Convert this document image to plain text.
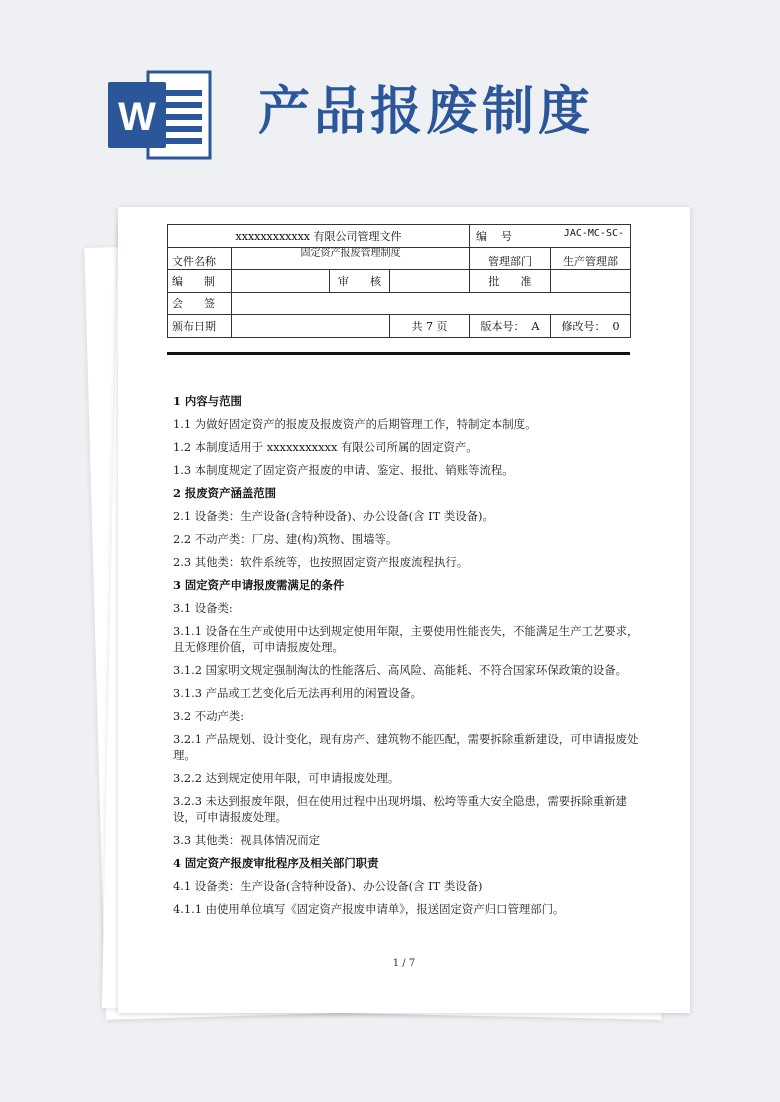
W 产品报废制度
xxxxxxxxxxxx 有限公司管理文件				编    号 JAC-MC-SC-	

文件名称	固定资产报废管理制度			管理部门	生产管理部
编      制		审      核		批      准	
会      签					
颁布日期			共 7 页	版本号：  A	修改号：  0

1 内容与范围

1.1 为做好固定资产的报废及报废资产的后期管理工作，特制定本制度。

1.2 本制度适用于 xxxxxxxxxxx 有限公司所属的固定资产。

1.3 本制度规定了固定资产报废的申请、鉴定、报批、销账等流程。

2 报废资产涵盖范围

2.1 设备类：生产设备(含特种设备)、办公设备(含 IT 类设备)。

2.2 不动产类：厂房、建(构)筑物、围墙等。

2.3 其他类：软件系统等，也按照固定资产报废流程执行。

3 固定资产申请报废需满足的条件

3.1 设备类:

3.1.1 设备在生产或使用中达到规定使用年限，主要使用性能丧失，不能满足生产工艺要求，且无修理价值，可申请报废处理。

3.1.2 国家明文规定强制淘汰的性能落后、高风险、高能耗、不符合国家环保政策的设备。

3.1.3 产品或工艺变化后无法再利用的闲置设备。

3.2 不动产类:

3.2.1 产品规划、设计变化，现有房产、建筑物不能匹配，需要拆除重新建设，可申请报废处理。

3.2.2 达到规定使用年限，可申请报废处理。

3.2.3 未达到报废年限，但在使用过程中出现坍塌、松垮等重大安全隐患，需要拆除重新建设，可申请报废处理。

3.3 其他类：视具体情况而定

4 固定资产报废审批程序及相关部门职责

4.1 设备类：生产设备(含特种设备)、办公设备(含 IT 类设备)

4.1.1 由使用单位填写《固定资产报废申请单》，报送固定资产归口管理部门。

1 / 7
